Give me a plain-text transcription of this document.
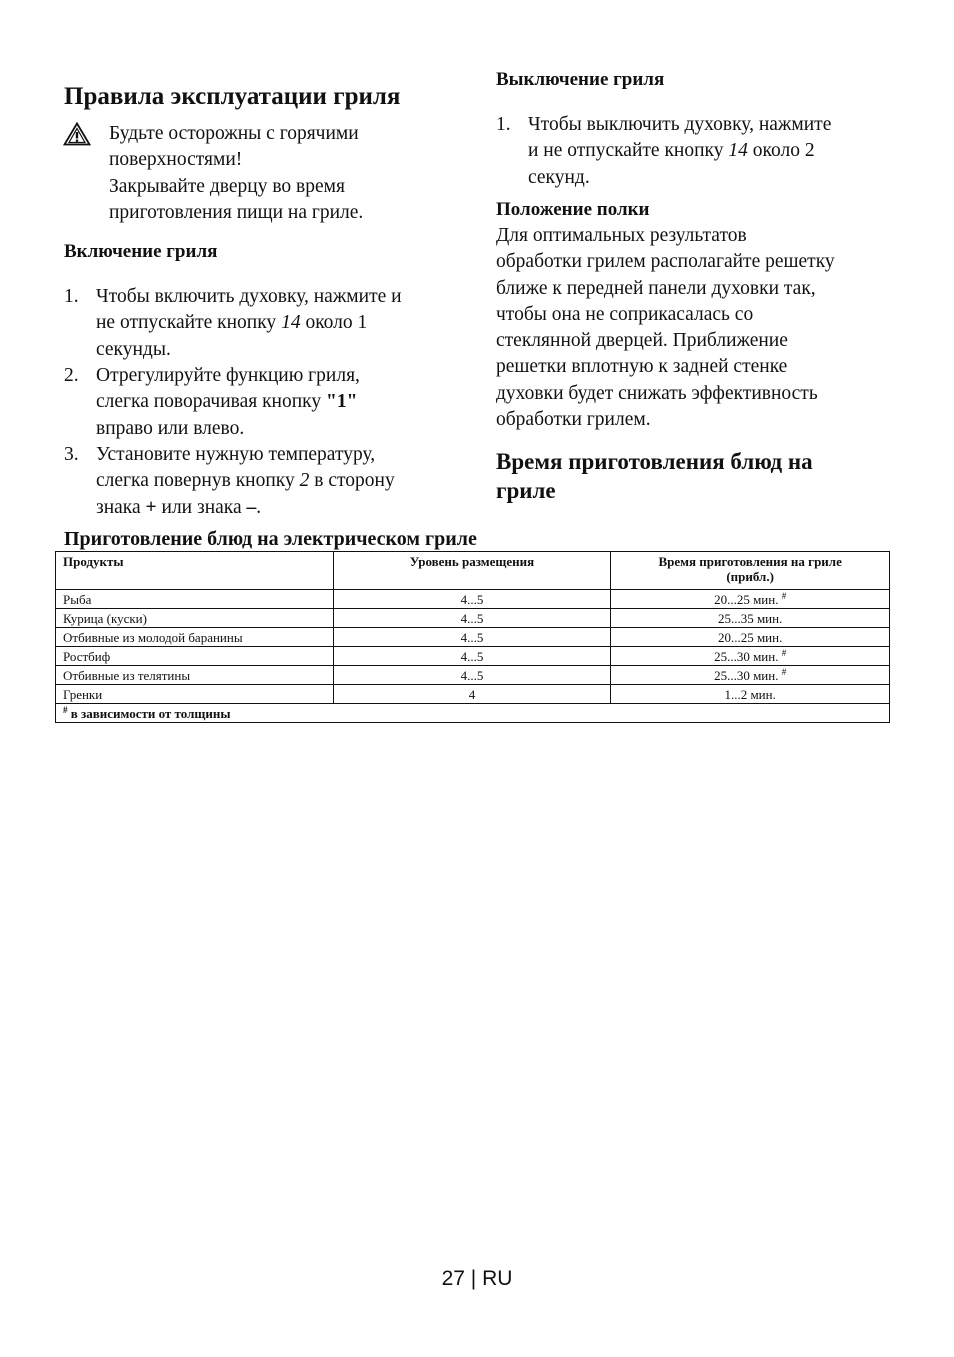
Правила эксплуатации гриля
Будьте осторожны с горячими
поверхностями!
Закрывайте дверцу во время
приготовления пищи на гриле.
Включение гриля
1. Чтобы включить духовку, нажмите и
не отпускайте кнопку 14 около 1
секунды.
2. Отрегулируйте функцию гриля,
слегка поворачивая кнопку "1"
вправо или влево.
3. Установите нужную температуру,
слегка повернув кнопку 2 в сторону
знака + или знака –.
Выключение гриля
1. Чтобы выключить духовку, нажмите
и не отпускайте кнопку 14 около 2
секунд.
Положение полки
Для оптимальных результатов
обработки грилем располагайте решетку
ближе к передней панели духовки так,
чтобы она не соприкасалась со
стеклянной дверцей. Приближение
решетки вплотную к задней стенке
духовки будет снижать эффективность
обработки грилем.
Время приготовления блюд на
гриле
Приготовление блюд на электрическом гриле
Продукты	Уровень размещения	Время приготовления на гриле
(прибл.)
Рыба	4...5	20...25 мин. #
Курица (куски)	4...5	25...35 мин.
Отбивные из молодой баранины	4...5	20...25 мин.
Ростбиф	4...5	25...30 мин. #
Отбивные из телятины	4...5	25...30 мин. #
Гренки	4	1...2 мин.
# в зависимости от толщины		
27 | RU
